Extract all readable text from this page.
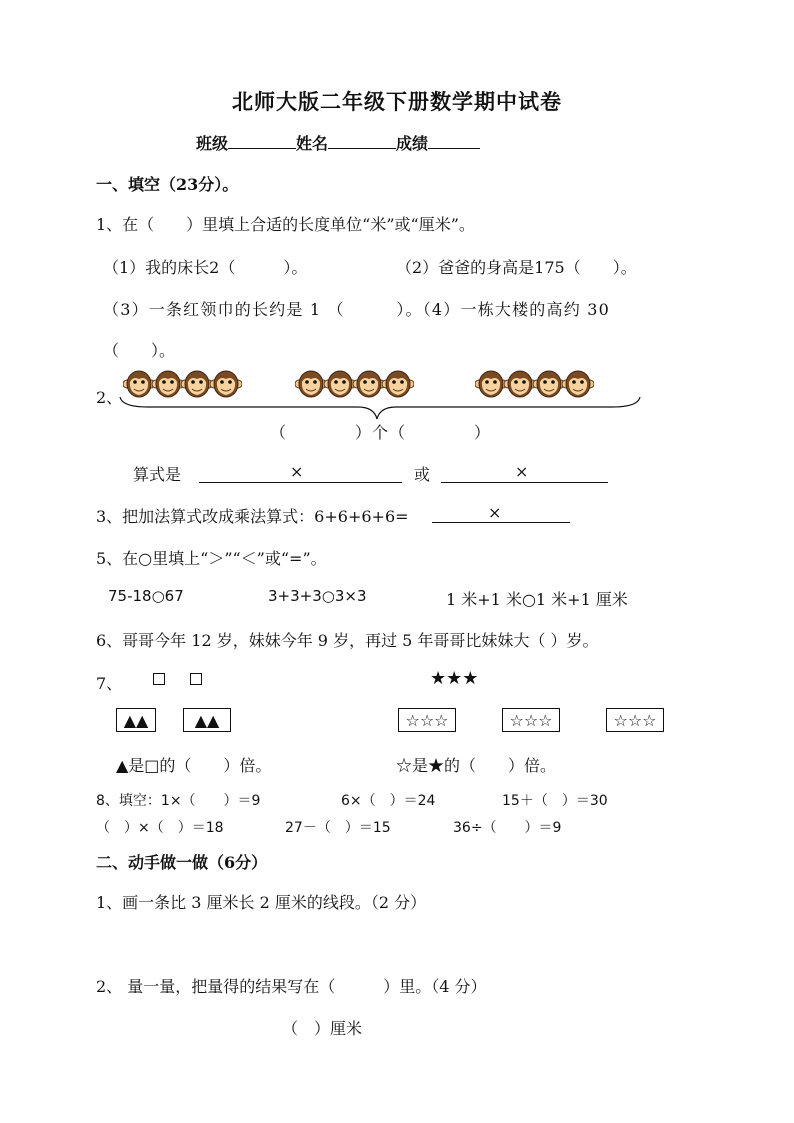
北师大版二年级下册数学期中试卷
班级	姓名	成绩
一、填空（23分）。
1、在（　　）里填上合适的长度单位“米”或“厘米”。
（1）我的床长2（　　　）。	（2）爸爸的身高是175（　　）。
（3）一条红领巾的长约是 1 （　　　）。（4）一栋大楼的高约 30
（　　）。
2、
（　　　　）个（　　　　）
算式是	×	或	×
3、把加法算式改成乘法算式：6+6+6+6=	×
5、在○里填上“＞”“＜”或“=”。
75-18○67	3+3+3○3×3	1 米+1 米○1 米+1 厘米
6、哥哥今年 12 岁，妹妹今年 9 岁，再过 5 年哥哥比妹妹大（ ）岁。
7、	★★★
▲▲	▲▲	☆☆☆	☆☆☆	☆☆☆
▲是□的（　　）倍。	☆是★的（　　）倍。
8、填空：1×（　　）＝9	6×（　）＝24	15＋（　）＝30
（　）×（　）＝18	27－（　）＝15	36÷（　　）＝9
二、动手做一做（6分）
1、画一条比 3 厘米长 2 厘米的线段。（2 分）
2、 量一量，把量得的结果写在（　　　）里。（4 分）
（　）厘米
